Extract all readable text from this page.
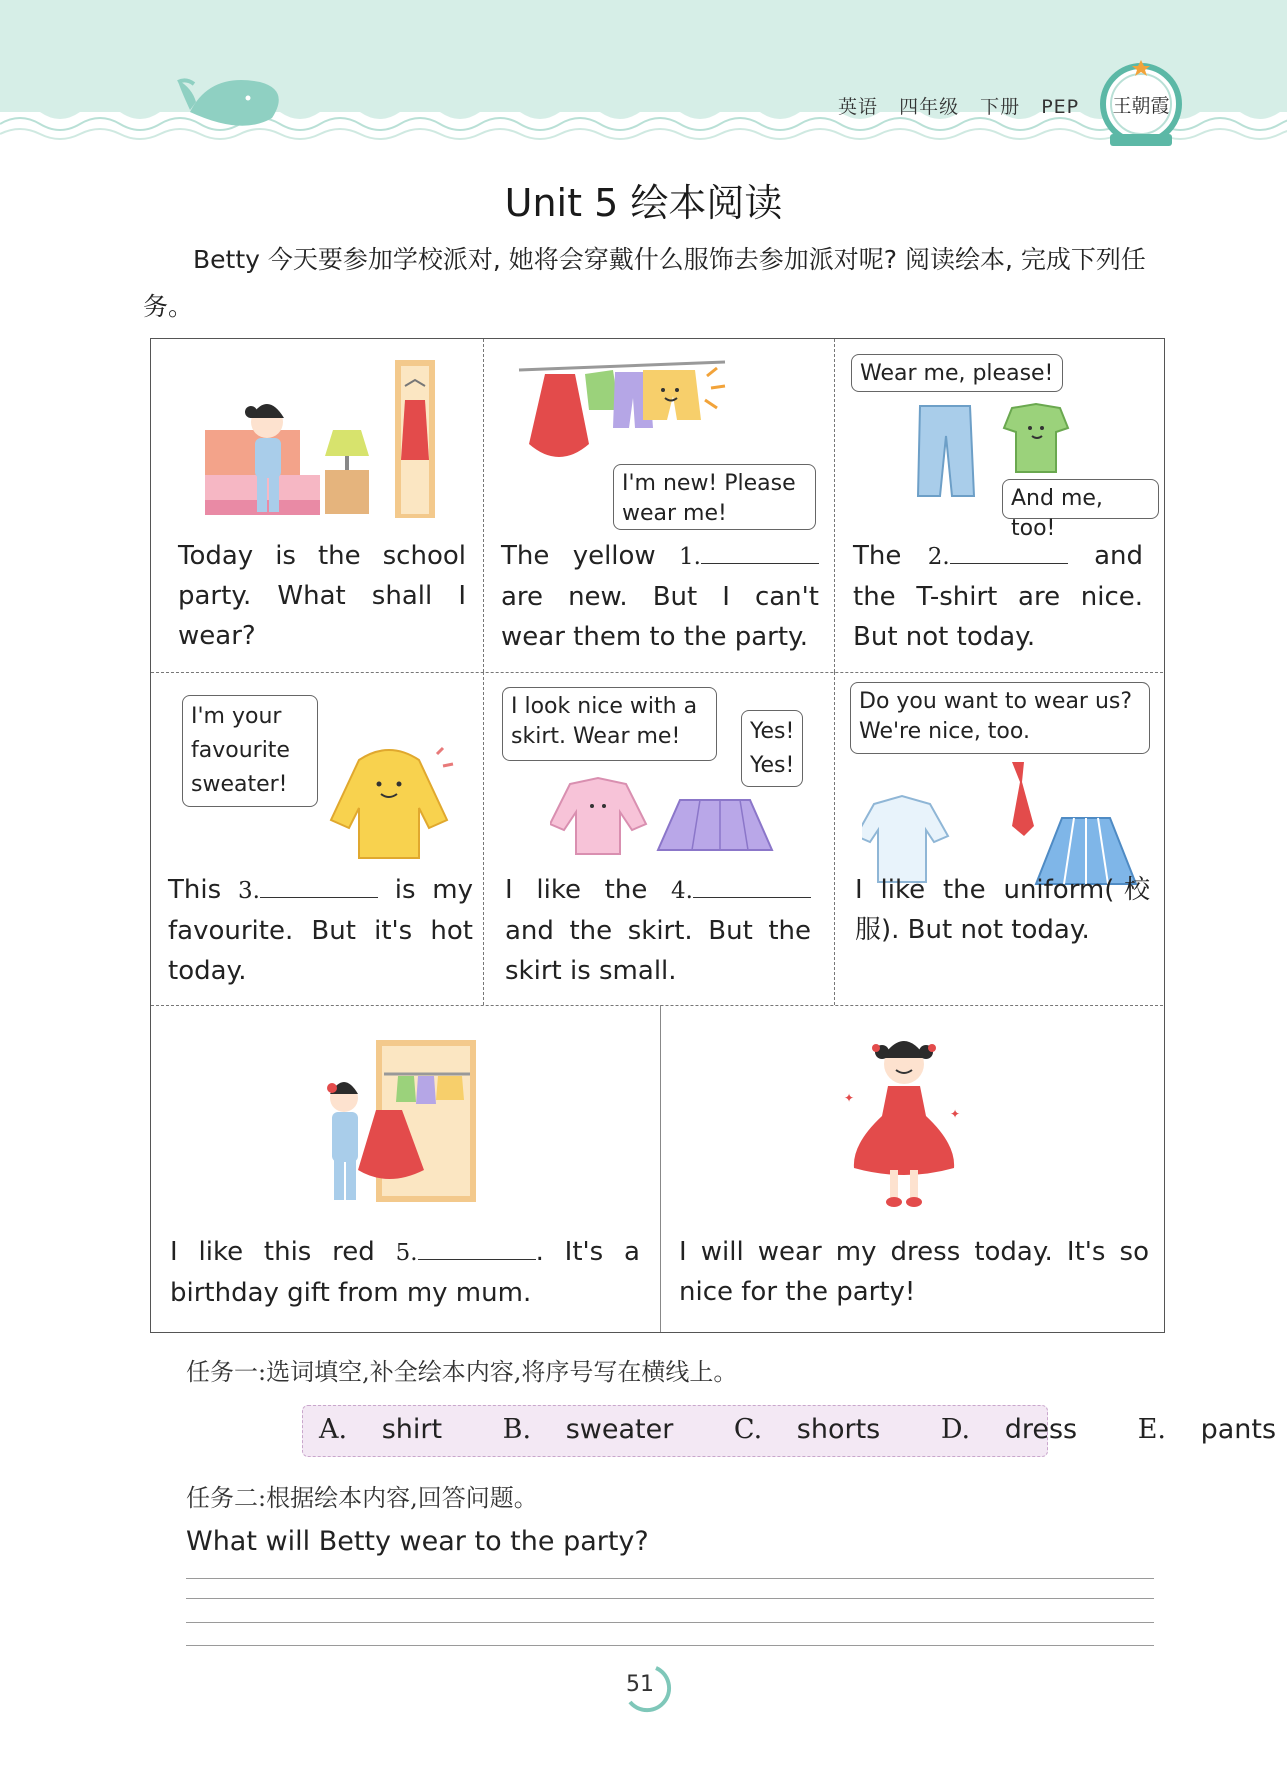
英语 四年级 下册 PEP	王朝霞
Unit 5 绘本阅读
Betty 今天要参加学校派对, 她将会穿戴什么服饰去参加派对呢? 阅读绘本, 完成下列任务。
Today is the school party. What shall I wear?
I'm new! Please wear me!
The yellow 1. are new. But I can't wear them to the party.
Wear me, please!
And me, too!
The 2.	and the T-shirt are nice. But not today.
I'm your favourite sweater!
This 3.	is my favourite. But it's hot today.
I look nice with a skirt. Wear me!	Yes! Yes!
I like the 4. and the skirt. But the skirt is small.
Do you want to wear us? We're nice, too.
I like the uniform(校服). But not today.
I like this red 5.	. It's a birthday gift from my mum.
✦
✦
I will wear my dress today. It's so nice for the party!
任务一:选词填空,补全绘本内容,将序号写在横线上。
A. shirt B. sweater C. shorts D. dress E. pants
任务二:根据绘本内容,回答问题。
What will Betty wear to the party?
51
